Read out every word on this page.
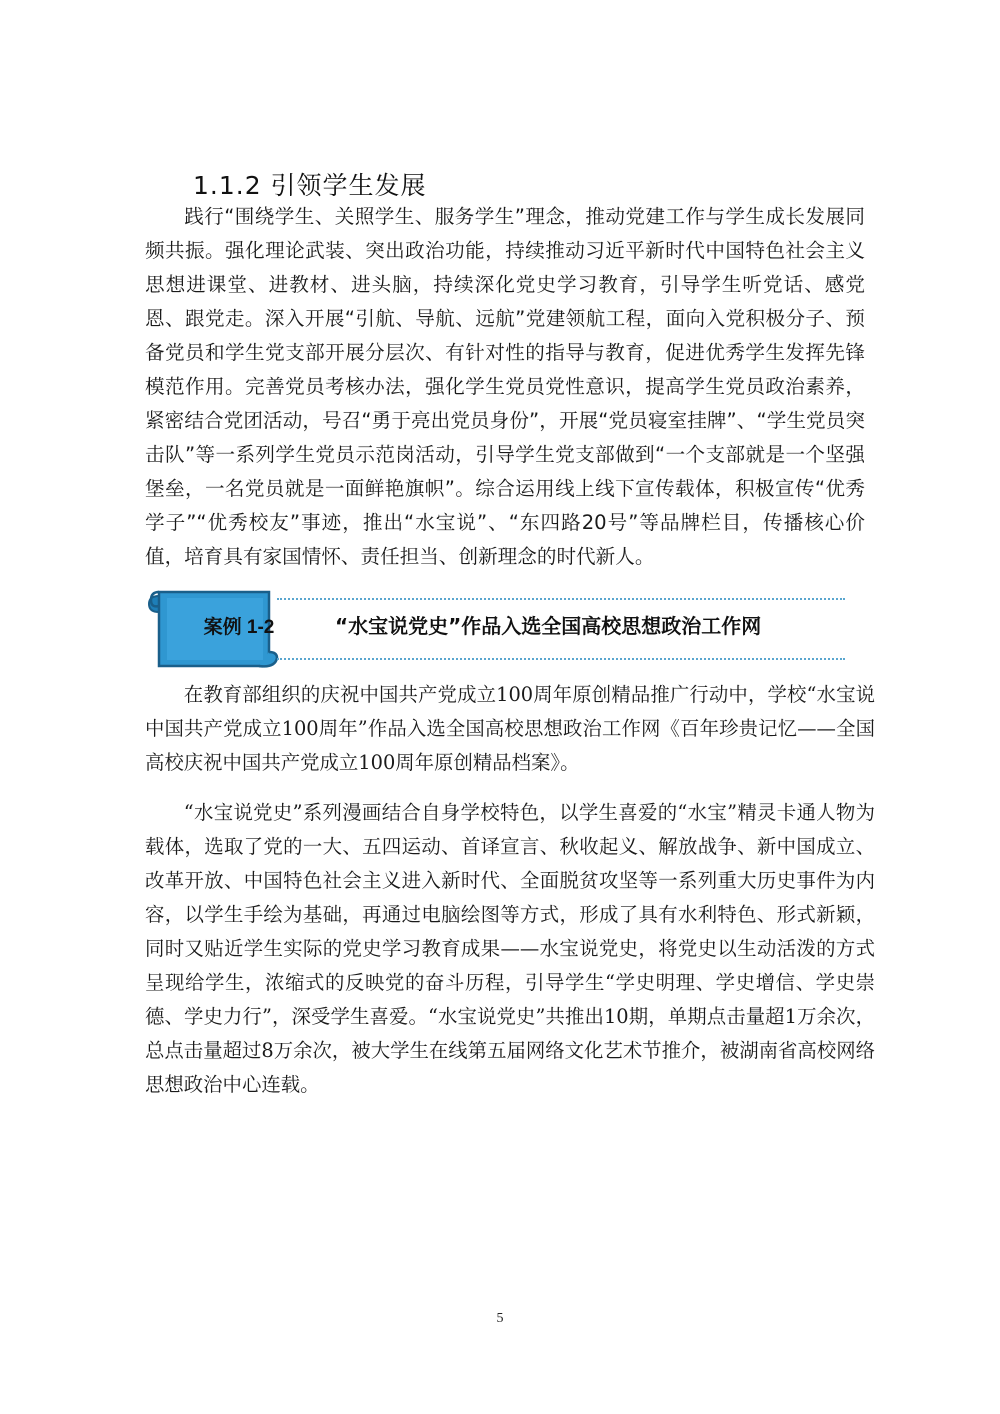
1.1.2 引领学生发展

践行“围绕学生、关照学生、服务学生”理念，推动党建工作与学生成长发展同频共振。强化理论武装、突出政治功能，持续推动习近平新时代中国特色社会主义思想进课堂、进教材、进头脑，持续深化党史学习教育，引导学生听党话、感党恩、跟党走。深入开展“引航、导航、远航”党建领航工程，面向入党积极分子、预备党员和学生党支部开展分层次、有针对性的指导与教育，促进优秀学生发挥先锋模范作用。完善党员考核办法，强化学生党员党性意识，提高学生党员政治素养，紧密结合党团活动，号召“勇于亮出党员身份”，开展“党员寝室挂牌”、“学生党员突击队”等一系列学生党员示范岗活动，引导学生党支部做到“一个支部就是一个坚强堡垒，一名党员就是一面鲜艳旗帜”。综合运用线上线下宣传载体，积极宣传“优秀学子”“优秀校友”事迹，推出“水宝说”、“东四路20号”等品牌栏目，传播核心价值，培育具有家国情怀、责任担当、创新理念的时代新人。

案例 1-2	“水宝说党史”作品入选全国高校思想政治工作网

在教育部组织的庆祝中国共产党成立100周年原创精品推广行动中，学校“水宝说中国共产党成立100周年”作品入选全国高校思想政治工作网《百年珍贵记忆——全国高校庆祝中国共产党成立100周年原创精品档案》。

“水宝说党史”系列漫画结合自身学校特色，以学生喜爱的“水宝”精灵卡通人物为载体，选取了党的一大、五四运动、首译宣言、秋收起义、解放战争、新中国成立、改革开放、中国特色社会主义进入新时代、全面脱贫攻坚等一系列重大历史事件为内容，以学生手绘为基础，再通过电脑绘图等方式，形成了具有水利特色、形式新颖，同时又贴近学生实际的党史学习教育成果——水宝说党史，将党史以生动活泼的方式呈现给学生，浓缩式的反映党的奋斗历程，引导学生“学史明理、学史增信、学史崇德、学史力行”，深受学生喜爱。“水宝说党史”共推出10期，单期点击量超1万余次，总点击量超过8万余次，被大学生在线第五届网络文化艺术节推介，被湖南省高校网络思想政治中心连载。

5
